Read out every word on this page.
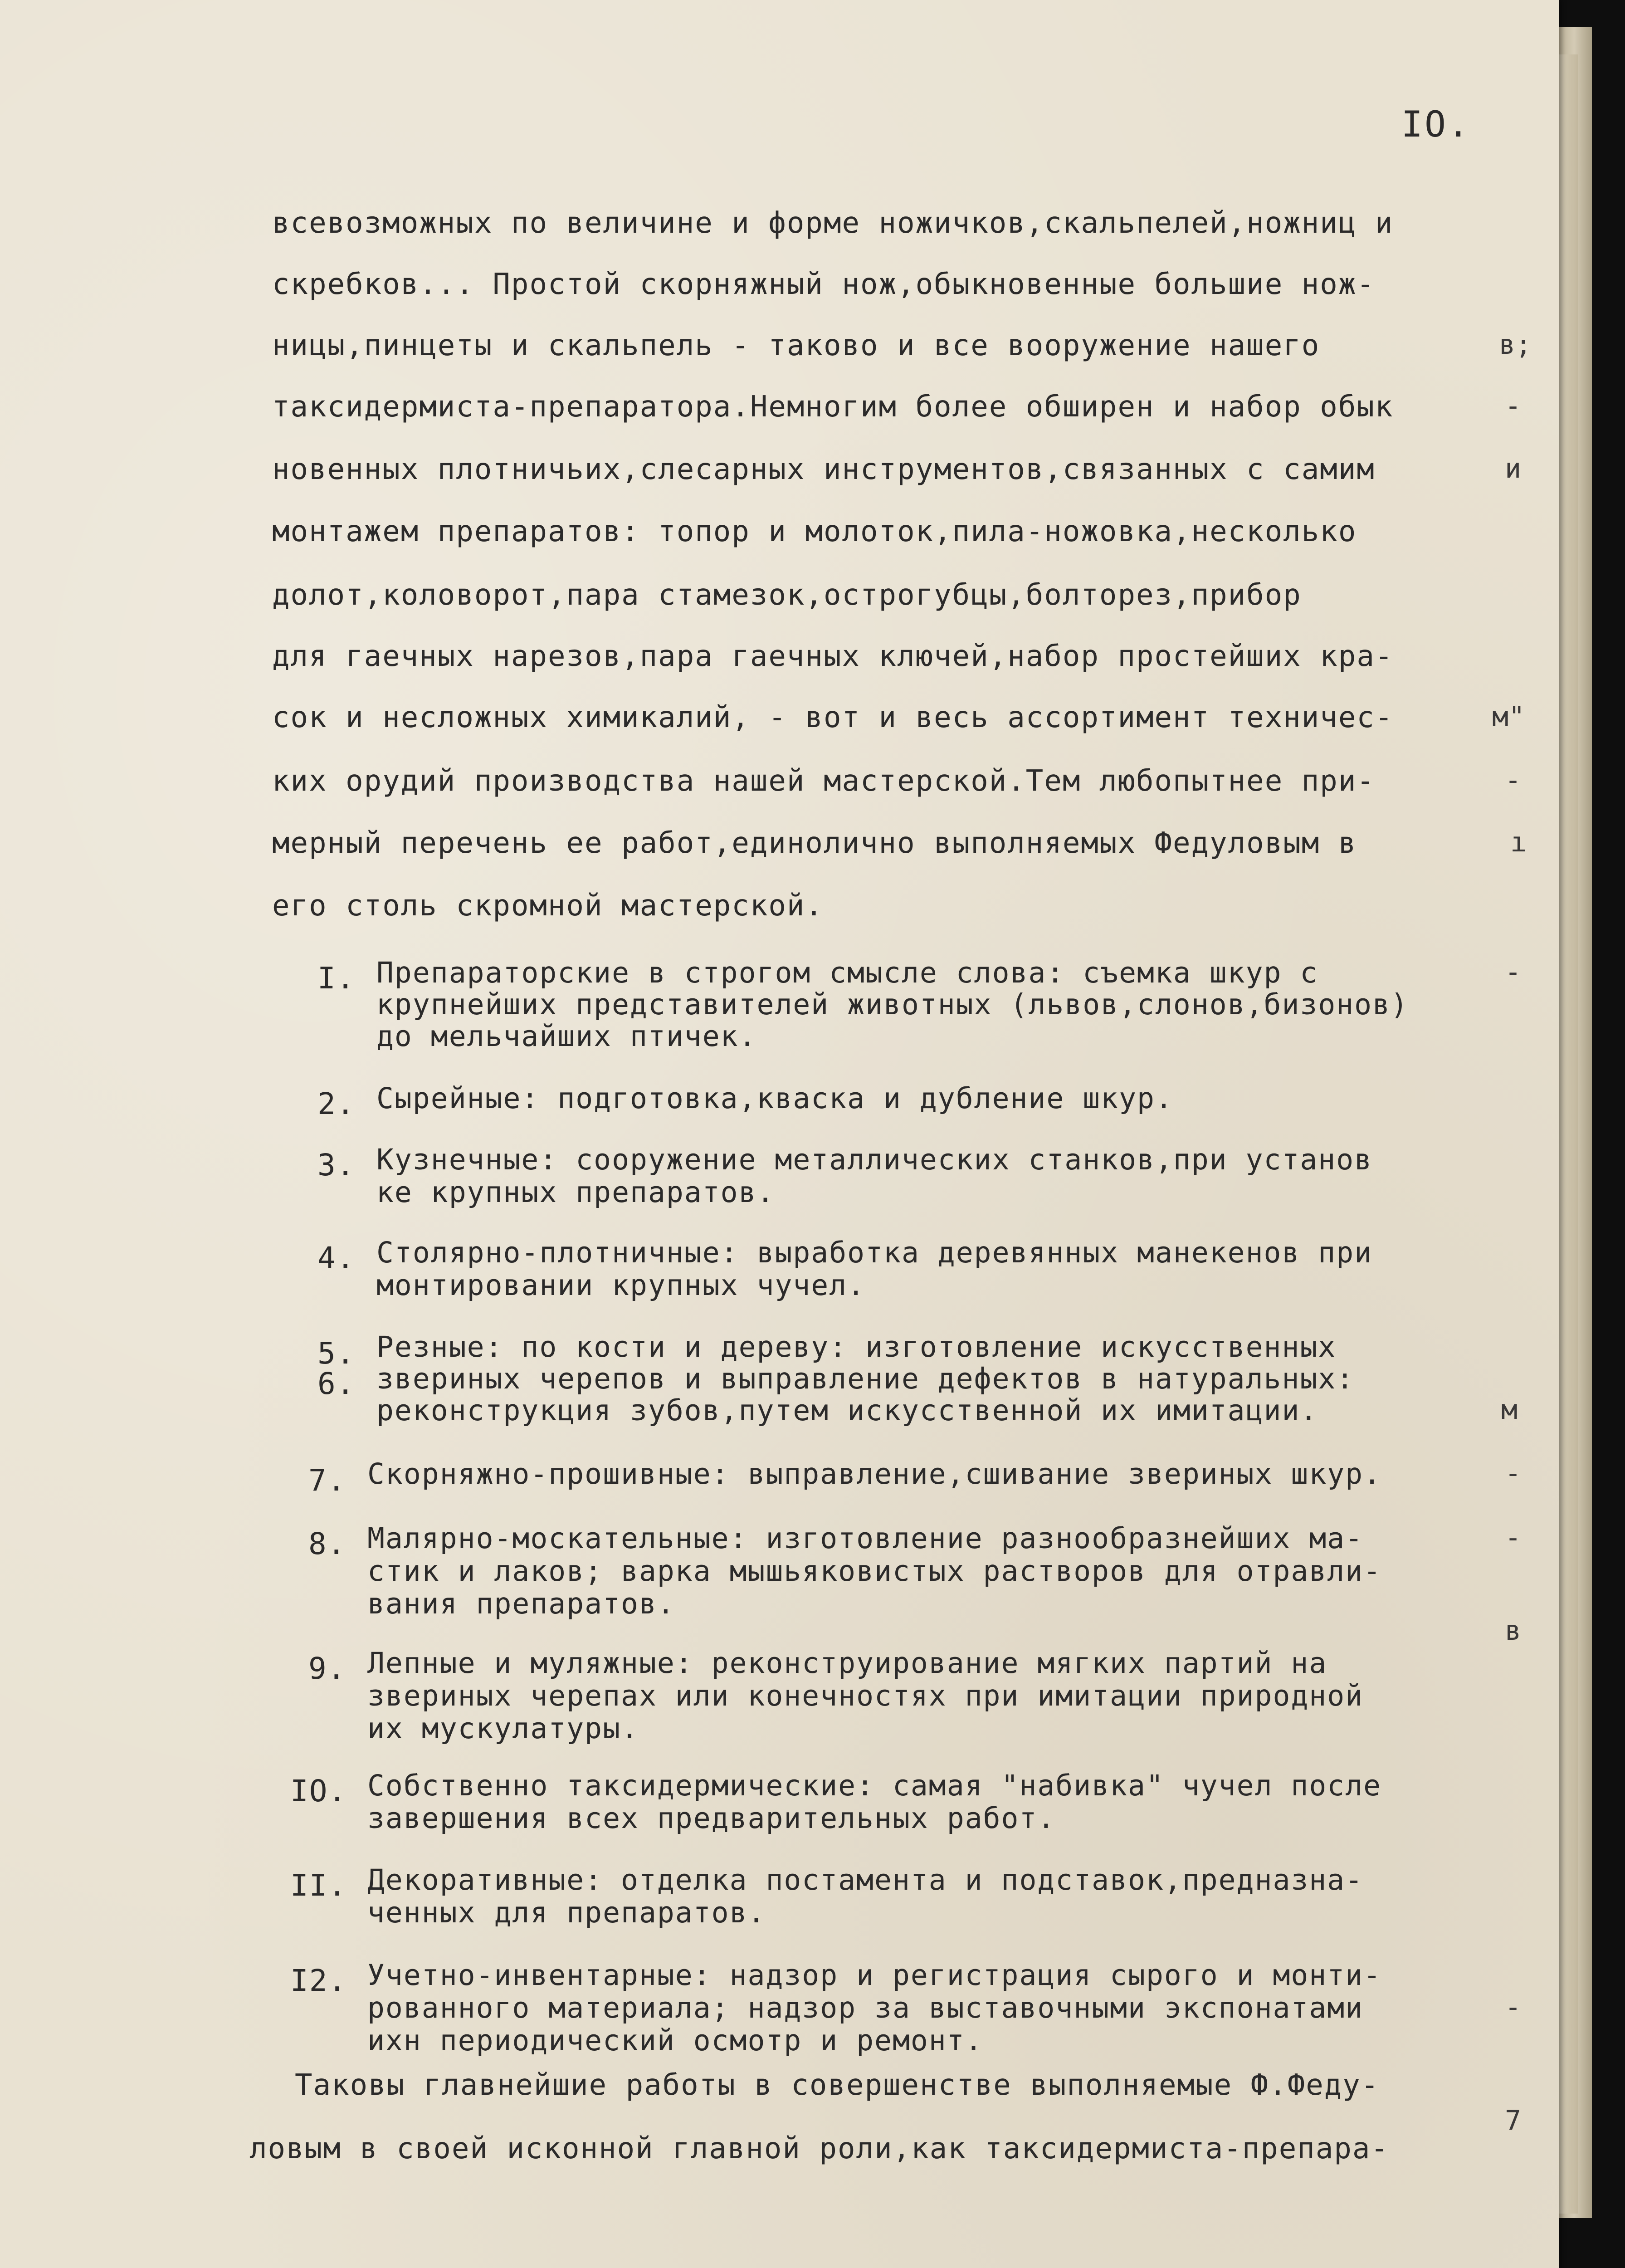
IO.
всевозможных по величине и форме ножичков,скальпелей,ножниц и
скребков... Простой скорняжный нож,обыкновенные большие нож-
ницы,пинцеты и скальпель - таково и все вооружение нашего
таксидермиста-препаратора.Немногим более обширен и набор обык
новенных плотничьих,слесарных инструментов,связанных с самим
монтажем препаратов: топор и молоток,пила-ножовка,несколько
долот,коловорот,пара стамезок,острогубцы,болторез,прибор
для гаечных нарезов,пара гаечных ключей,набор простейших кра-
сок и несложных химикалий, - вот и весь ассортимент техничес-
ких орудий производства нашей мастерской.Тем любопытнее при-
мерный перечень ее работ,единолично выполняемых Федуловым в
его столь скромной мастерской.
I. Препараторские в строгом смысле слова: съемка шкур с
крупнейших представителей животных (львов,слонов,бизонов)
до мельчайших птичек.
2. Сырейные: подготовка,кваска и дубление шкур.
3. Кузнечные: сооружение металлических станков,при установ
ке крупных препаратов.
4. Столярно-плотничные: выработка деревянных манекенов при
монтировании крупных чучел.
5. Резные: по кости и дереву: изготовление искусственных
6. звериных черепов и выправление дефектов в натуральных:
реконструкция зубов,путем искусственной их имитации.
7. Скорняжно-прошивные: выправление,сшивание звериных шкур.
8. Малярно-москательные: изготовление разнообразнейших ма-
стик и лаков; варка мышьяковистых растворов для отравли-
вания препаратов.
9. Лепные и муляжные: реконструирование мягких партий на
звериных черепах или конечностях при имитации природной
их мускулатуры.
IO. Собственно таксидермические: самая "набивка" чучел после
завершения всех предварительных работ.
II. Декоративные: отделка постамента и подставок,предназна-
ченных для препаратов.
I2. Учетно-инвентарные: надзор и регистрация сырого и монти-
рованного материала; надзор за выставочными экспонатами
ихн периодический осмотр и ремонт.
Таковы главнейшие работы в совершенстве выполняемые Ф.Феду-
ловым в своей исконной главной роли,как таксидермиста-препара-
в;
-
и
м"
-
ı
-
м
-
-
в
-
7
